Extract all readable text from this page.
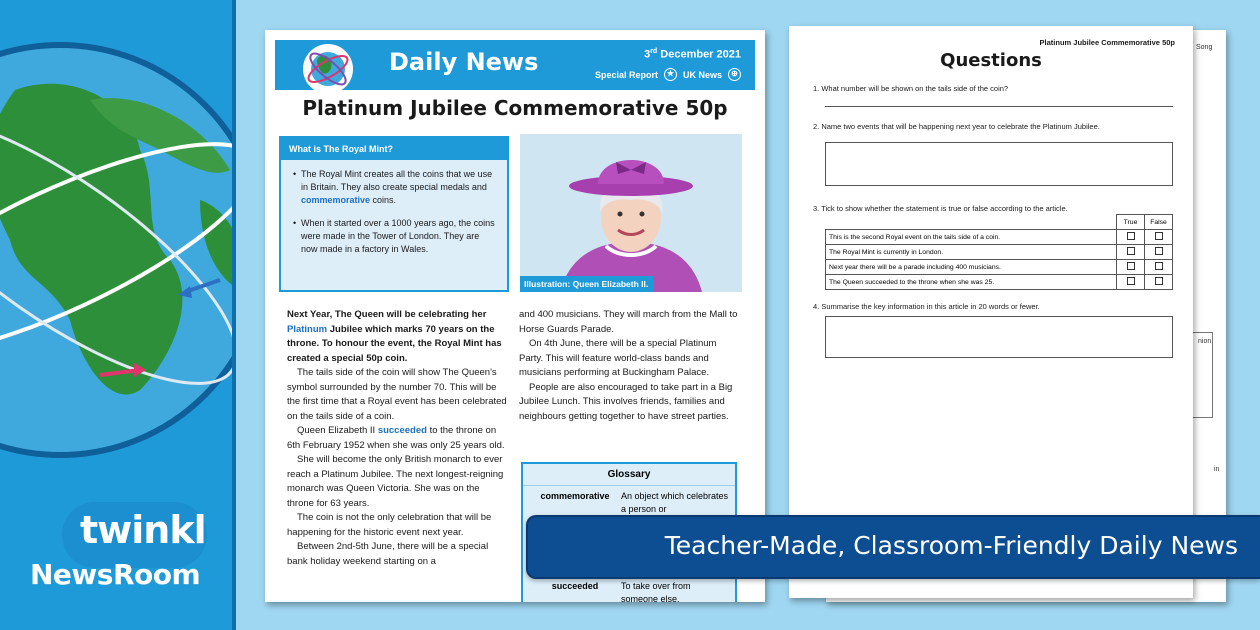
twinkl
NewsRoom
Song
nion
in
Platinum Jubilee Commemorative 50p
Questions
1. What number will be shown on the tails side of the coin?
2. Name two events that will be happening next year to celebrate the Platinum Jubilee.
3. Tick to show whether the statement is true or false according to the article.
	True	False
This is the second Royal event on the tails side of a coin.		
The Royal Mint is currently in London.		
Next year there will be a parade including 400 musicians.		
The Queen succeeded to the throne when she was 25.		
4. Summarise the key information in this article in 20 words or fewer.
Daily News	3rd December 2021
Special Report	★ UK News	⊕
Platinum Jubilee Commemorative 50p
What is The Royal Mint?
• The Royal Mint creates all the coins that we use in Britain. They also create special medals and commemorative coins.
• When it started over a 1000 years ago, the coins were made in the Tower of London. They are now made in a factory in Wales.
Illustration: Queen Elizabeth II.

Next Year, The Queen will be celebrating her Platinum Jubilee which marks 70 years on the throne. To honour the event, the Royal Mint has created a special 50p coin.

The tails side of the coin will show The Queen's symbol surrounded by the number 70. This will be the first time that a Royal event has been celebrated on the tails side of a coin.

Queen Elizabeth II succeeded to the throne on 6th February 1952 when she was only 25 years old.

She will become the only British monarch to ever reach a Platinum Jubilee. The next longest-reigning monarch was Queen Victoria. She was on the throne for 63 years.

The coin is not the only celebration that will be happening for the historic event next year.

Between 2nd-5th June, there will be a special bank holiday weekend starting on a

and 400 musicians. They will march from the Mall to Horse Guards Parade.

On 4th June, there will be a special Platinum Party. This will feature world-class bands and musicians performing at Buckingham Palace.

People are also encouraged to take part in a Big Jubilee Lunch. This involves friends, families and neighbours getting together to have street parties.

Glossary
commemorative	An object which celebrates a person or
succeeded	To take over from someone else.
Teacher-Made, Classroom-Friendly Daily News
